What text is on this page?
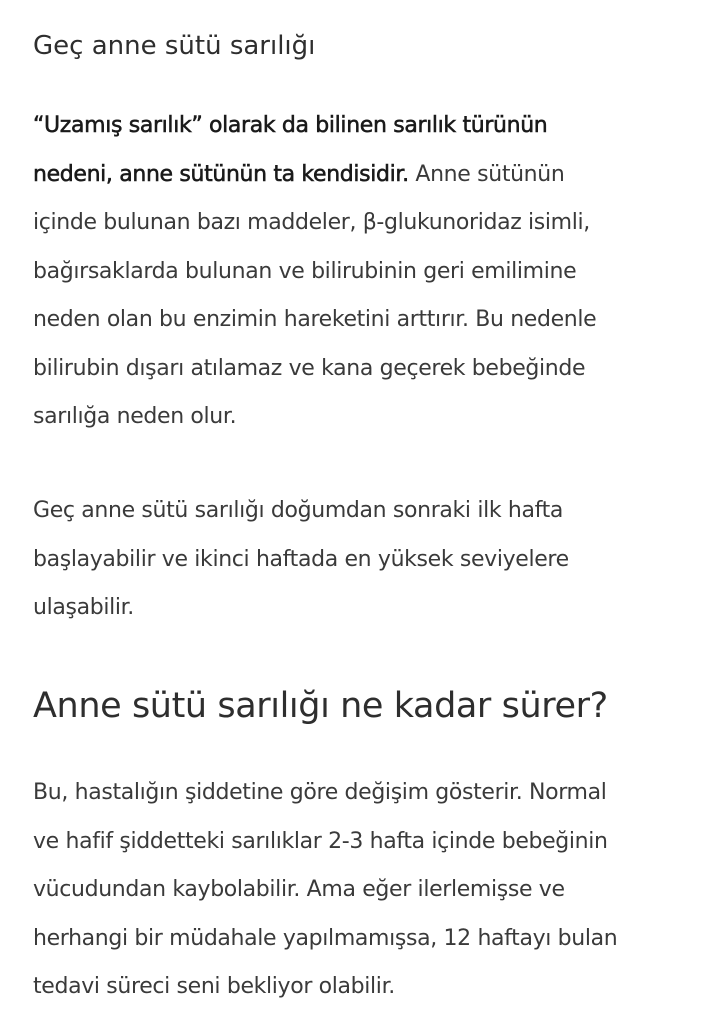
Geç anne sütü sarılığı

“Uzamış sarılık” olarak da bilinen sarılık türünün
nedeni, anne sütünün ta kendisidir. Anne sütünün
içinde bulunan bazı maddeler, β-glukunoridaz isimli,
bağırsaklarda bulunan ve bilirubinin geri emilimine
neden olan bu enzimin hareketini arttırır. Bu nedenle
bilirubin dışarı atılamaz ve kana geçerek bebeğinde
sarılığa neden olur.

Geç anne sütü sarılığı doğumdan sonraki ilk hafta
başlayabilir ve ikinci haftada en yüksek seviyelere
ulaşabilir.

Anne sütü sarılığı ne kadar sürer?

Bu, hastalığın şiddetine göre değişim gösterir. Normal
ve hafif şiddetteki sarılıklar 2-3 hafta içinde bebeğinin
vücudundan kaybolabilir. Ama eğer ilerlemişse ve
herhangi bir müdahale yapılmamışsa, 12 haftayı bulan
tedavi süreci seni bekliyor olabilir.
